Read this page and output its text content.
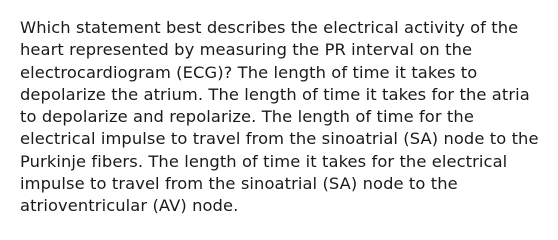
Which statement best describes the electrical activity of the heart represented by measuring the PR interval on the electrocardiogram (ECG)? The length of time it takes to depolarize the atrium. The length of time it takes for the atria to depolarize and repolarize. The length of time for the electrical impulse to travel from the sinoatrial (SA) node to the Purkinje fibers. The length of time it takes for the electrical impulse to travel from the sinoatrial (SA) node to the atrioventricular (AV) node.
